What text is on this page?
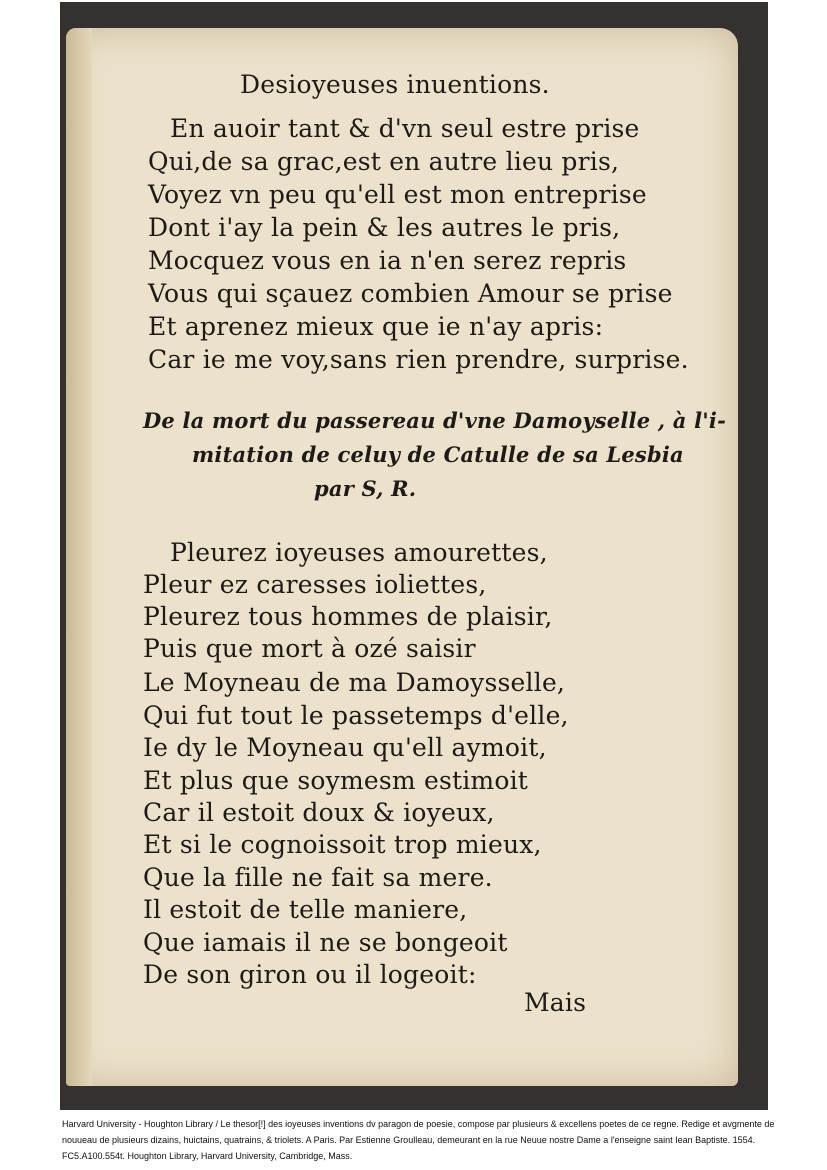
Desioyeuses inuentions.
En auoir tant & d'vn seul estre prise
Qui,de sa grac,est en autre lieu pris,
Voyez vn peu qu'ell est mon entreprise
Dont i'ay la pein & les autres le pris,
Mocquez vous en ia n'en serez repris
Vous qui sçauez combien Amour se prise
Et aprenez mieux que ie n'ay apris:
Car ie me voy,sans rien prendre, surprise.
De la mort du passereau d'vne Damoyselle , à l'i-
mitation de celuy de Catulle de sa Lesbia
par S, R.
Pleurez ioyeuses amourettes,
Pleur ez caresses ioliettes,
Pleurez tous hommes de plaisir,
Puis que mort à ozé saisir
Le Moyneau de ma Damoysselle,
Qui fut tout le passetemps d'elle,
Ie dy le Moyneau qu'ell aymoit,
Et plus que soymesm estimoit
Car il estoit doux & ioyeux,
Et si le cognoissoit trop mieux,
Que la fille ne fait sa mere.
Il estoit de telle maniere,
Que iamais il ne se bongeoit
De son giron ou il logeoit:
Mais
Harvard University - Houghton Library / Le thesor[!] des ioyeuses inventions dv paragon de poesie, compose par plusieurs & excellens poetes de ce regne. Redige et avgmente de nouueau de plusieurs dizains, huictains, quatrains, & triolets. A Paris. Par Estienne Groulleau, demeurant en la rue Neuue nostre Dame a l'enseigne saint Iean Baptiste. 1554. FC5.A100.554t. Houghton Library, Harvard University, Cambridge, Mass.
